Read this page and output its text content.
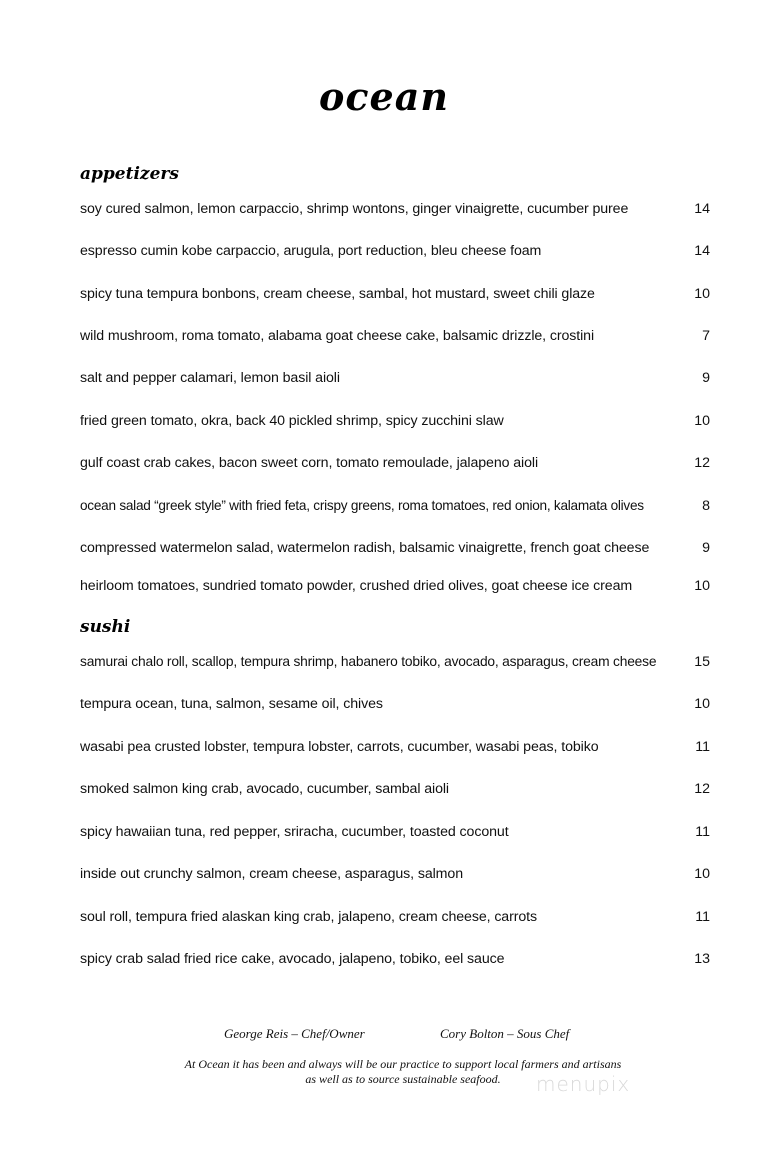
ocean
appetizers
soy cured salmon, lemon carpaccio, shrimp wontons, ginger vinaigrette, cucumber puree	14
espresso cumin kobe carpaccio, arugula, port reduction, bleu cheese foam	14
spicy tuna tempura bonbons, cream cheese, sambal, hot mustard, sweet chili glaze	10
wild mushroom, roma tomato, alabama goat cheese cake, balsamic drizzle, crostini	7
salt and pepper calamari, lemon basil aioli	9
fried green tomato, okra, back 40 pickled shrimp, spicy zucchini slaw	10
gulf coast crab cakes, bacon sweet corn, tomato remoulade, jalapeno aioli	12
ocean salad “greek style” with fried feta, crispy greens, roma tomatoes, red onion, kalamata olives	8
compressed watermelon salad, watermelon radish, balsamic vinaigrette, french goat cheese	9
heirloom tomatoes, sundried tomato powder, crushed dried olives, goat cheese ice cream	10
sushi
samurai chalo roll, scallop, tempura shrimp, habanero tobiko, avocado, asparagus, cream cheese	15
tempura ocean, tuna, salmon, sesame oil, chives	10
wasabi pea crusted lobster, tempura lobster, carrots, cucumber, wasabi peas, tobiko	11
smoked salmon king crab, avocado, cucumber, sambal aioli	12
spicy hawaiian tuna, red pepper, sriracha, cucumber, toasted coconut	11
inside out crunchy salmon, cream cheese, asparagus, salmon	10
soul roll, tempura fried alaskan king crab, jalapeno, cream cheese, carrots	11
spicy crab salad fried rice cake, avocado, jalapeno, tobiko, eel sauce	13
George Reis – Chef/Owner	Cory Bolton – Sous Chef
At Ocean it has been and always will be our practice to support local farmers and artisans
as well as to source sustainable seafood.	menupix
